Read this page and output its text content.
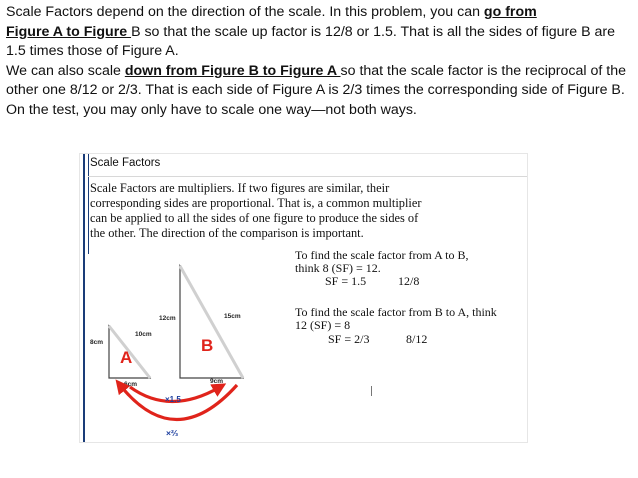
Scale Factors depend on the direction of the scale. In this problem, you can go from
Figure A to Figure B so that the scale up factor is 12/8 or 1.5. That is all the sides of figure B are 1.5 times those of Figure A.
We can also scale down from Figure B to Figure A so that the scale factor is the reciprocal of the other one 8/12 or 2/3. That is each side of Figure A is 2/3 times the corresponding side of Figure B. On the test, you may only have to scale one way—not both ways.

Scale Factors

Scale Factors are multipliers. If two figures are similar, their corresponding sides are proportional. That is, a common multiplier can be applied to all the sides of one figure to produce the sides of the other. The direction of the comparison is important.

To find the scale factor from A to B,
think 8 (SF) = 12.
SF = 1.5	12/8
To find the scale factor from B to A, think
12 (SF) = 8
SF = 2/3	8/12
8cm
10cm
6cm
A
12cm	15cm
9cm
B
×1.5
×⅔
